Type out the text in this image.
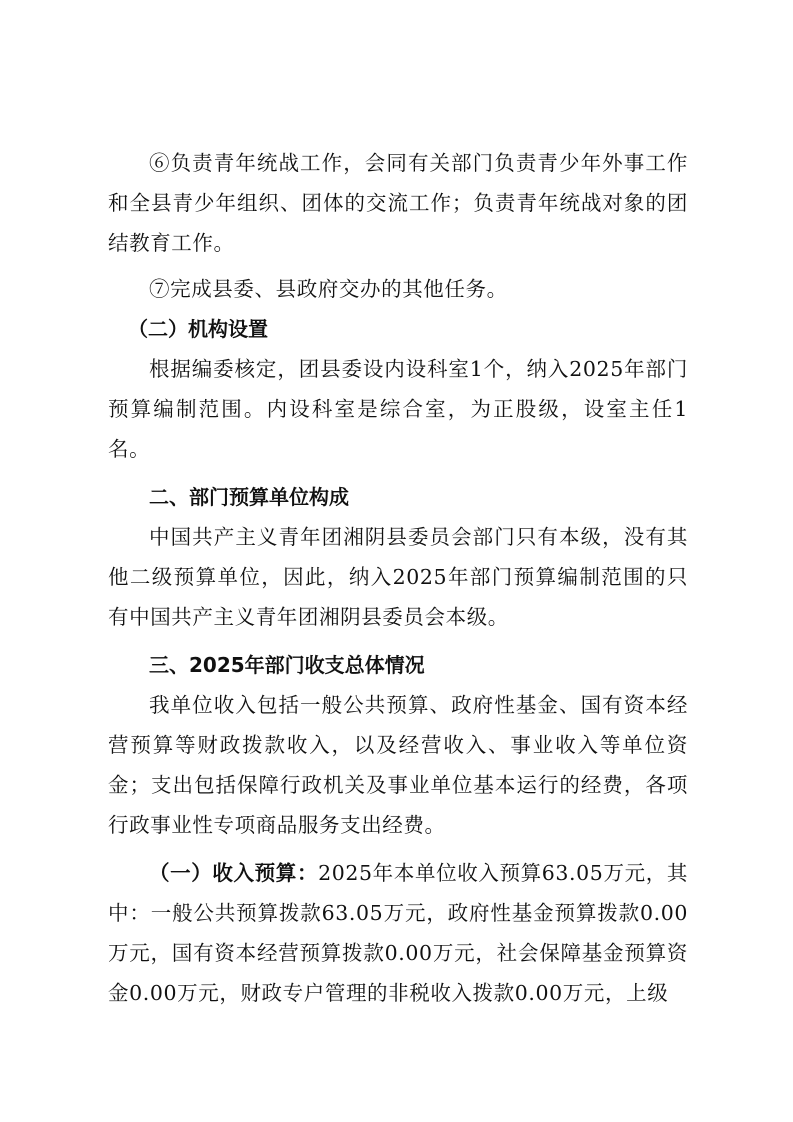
⑥负责青年统战工作，会同有关部门负责青少年外事工作和全县青少年组织、团体的交流工作；负责青年统战对象的团结教育工作。

⑦完成县委、县政府交办的其他任务。

（二）机构设置

根据编委核定，团县委设内设科室1个，纳入2025年部门预算编制范围。内设科室是综合室，为正股级，设室主任1名。

二、部门预算单位构成

中国共产主义青年团湘阴县委员会部门只有本级，没有其他二级预算单位，因此，纳入2025年部门预算编制范围的只有中国共产主义青年团湘阴县委员会本级。

三、2025年部门收支总体情况

我单位收入包括一般公共预算、政府性基金、国有资本经营预算等财政拨款收入，以及经营收入、事业收入等单位资金；支出包括保障行政机关及事业单位基本运行的经费，各项行政事业性专项商品服务支出经费。

（一）收入预算：2025年本单位收入预算63.05万元，其中：一般公共预算拨款63.05万元，政府性基金预算拨款0.00万元，国有资本经营预算拨款0.00万元，社会保障基金预算资金0.00万元，财政专户管理的非税收入拨款0.00万元，上级
